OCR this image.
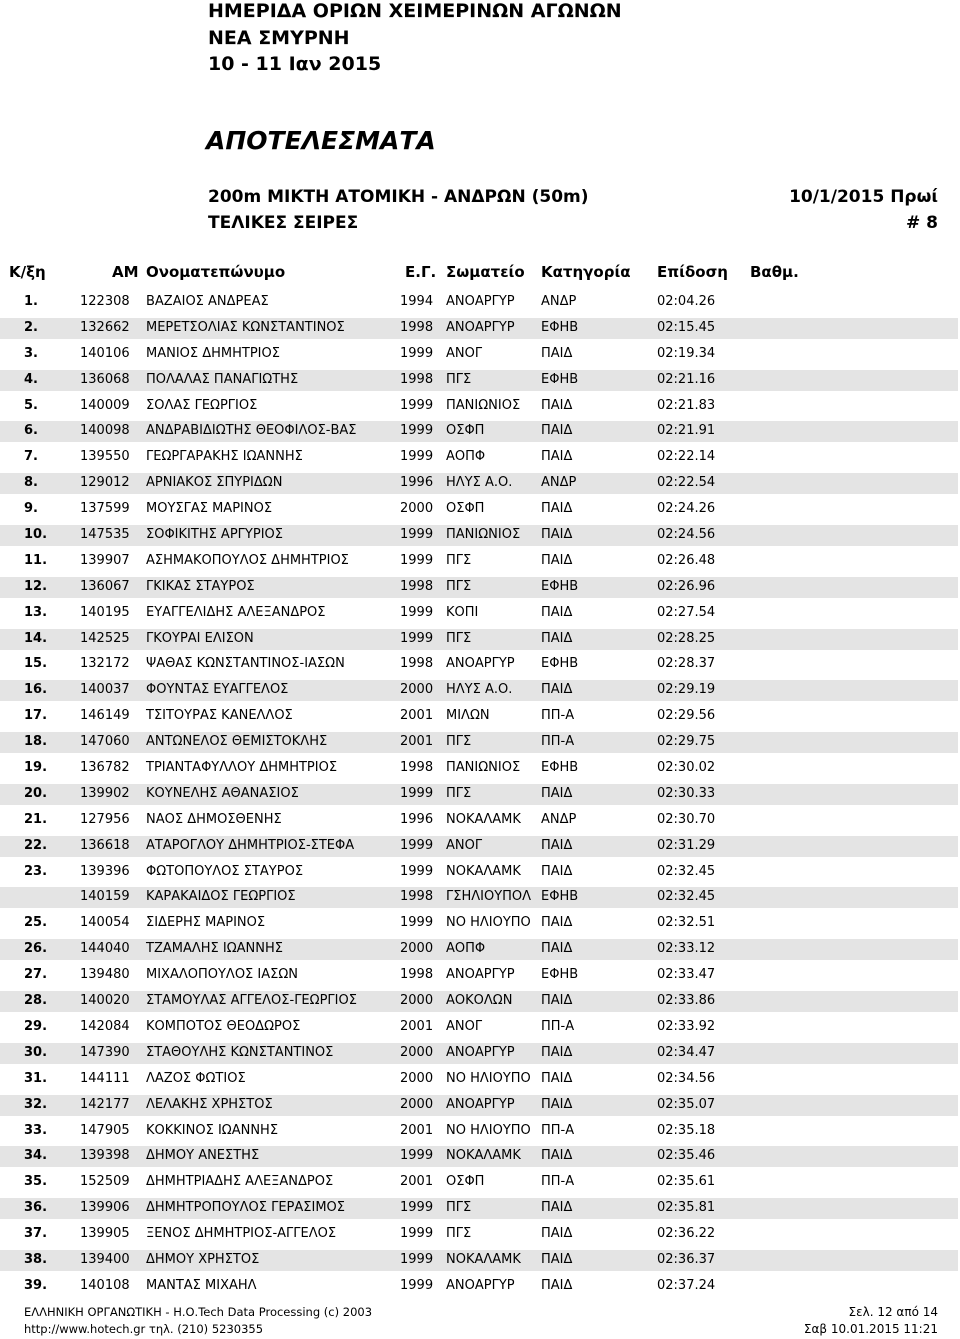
ΗΜΕΡΙΔΑ ΟΡΙΩΝ ΧΕΙΜΕΡΙΝΩΝ ΑΓΩΝΩΝ
ΝΕΑ ΣΜΥΡΝΗ
10 - 11 Ιαν 2015
ΑΠΟΤΕΛΕΣΜΑΤΑ
200m ΜΙΚΤΗ ΑΤΟΜΙΚΗ - ΑΝΔΡΩΝ (50m)	10/1/2015 Πρωί
ΤΕΛΙΚΕΣ ΣΕΙΡΕΣ	# 8
Κ/ξη	ΑΜ Ονοματεπώνυμο	Ε.Γ. Σωματείο Κατηγορία Επίδοση Βαθμ.
1.	122308 ΒΑΖΑΙΟΣ ΑΝΔΡΕΑΣ	1994 ΑΝΟΑΡΓΥΡ ΑΝΔΡ	02:04.26
2.	132662 ΜΕΡΕΤΣΟΛΙΑΣ ΚΩΝΣΤΑΝΤΙΝΟΣ	1998 ΑΝΟΑΡΓΥΡ ΕΦΗΒ	02:15.45
3.	140106 ΜΑΝΙΟΣ ΔΗΜΗΤΡΙΟΣ	1999 ΑΝΟΓ	ΠΑΙΔ	02:19.34
4.	136068 ΠΟΛΑΛΑΣ ΠΑΝΑΓΙΩΤΗΣ	1998 ΠΓΣ	ΕΦΗΒ	02:21.16
5.	140009 ΣΟΛΑΣ ΓΕΩΡΓΙΟΣ	1999 ΠΑΝΙΩΝΙΟΣ ΠΑΙΔ	02:21.83
6.	140098 ΑΝΔΡΑΒΙΔΙΩΤΗΣ ΘΕΟΦΙΛΟΣ-ΒΑΣ	1999 ΟΣΦΠ	ΠΑΙΔ	02:21.91
7.	139550 ΓΕΩΡΓΑΡΑΚΗΣ ΙΩΑΝΝΗΣ	1999 ΑΟΠΦ	ΠΑΙΔ	02:22.14
8.	129012 ΑΡΝΙΑΚΟΣ ΣΠΥΡΙΔΩΝ	1996 ΗΛΥΣ Α.Ο. ΑΝΔΡ	02:22.54
9.	137599 ΜΟΥΣΓΑΣ ΜΑΡΙΝΟΣ	2000 ΟΣΦΠ	ΠΑΙΔ	02:24.26
10.	147535 ΣΟΦΙΚΙΤΗΣ ΑΡΓΥΡΙΟΣ	1999 ΠΑΝΙΩΝΙΟΣ ΠΑΙΔ	02:24.56
11.	139907 ΑΣΗΜΑΚΟΠΟΥΛΟΣ ΔΗΜΗΤΡΙΟΣ	1999 ΠΓΣ	ΠΑΙΔ	02:26.48
12.	136067 ΓΚΙΚΑΣ ΣΤΑΥΡΟΣ	1998 ΠΓΣ	ΕΦΗΒ	02:26.96
13.	140195 ΕΥΑΓΓΕΛΙΔΗΣ ΑΛΕΞΑΝΔΡΟΣ	1999 ΚΟΠΙ	ΠΑΙΔ	02:27.54
14.	142525 ΓΚΟΥΡΑΙ ΕΛΙΣΟΝ	1999 ΠΓΣ	ΠΑΙΔ	02:28.25
15.	132172 ΨΑΘΑΣ ΚΩΝΣΤΑΝΤΙΝΟΣ-ΙΑΣΩΝ	1998 ΑΝΟΑΡΓΥΡ ΕΦΗΒ	02:28.37
16.	140037 ΦΟΥΝΤΑΣ ΕΥΑΓΓΕΛΟΣ	2000 ΗΛΥΣ Α.Ο. ΠΑΙΔ	02:29.19
17.	146149 ΤΣΙΤΟΥΡΑΣ ΚΑΝΕΛΛΟΣ	2001 ΜΙΛΩΝ	ΠΠ-Α	02:29.56
18.	147060 ΑΝΤΩΝΕΛΟΣ ΘΕΜΙΣΤΟΚΛΗΣ	2001 ΠΓΣ	ΠΠ-Α	02:29.75
19.	136782 ΤΡΙΑΝΤΑΦΥΛΛΟΥ ΔΗΜΗΤΡΙΟΣ	1998 ΠΑΝΙΩΝΙΟΣ ΕΦΗΒ	02:30.02
20.	139902 ΚΟΥΝΕΛΗΣ ΑΘΑΝΑΣΙΟΣ	1999 ΠΓΣ	ΠΑΙΔ	02:30.33
21.	127956 ΝΑΟΣ ΔΗΜΟΣΘΕΝΗΣ	1996 ΝΟΚΑΛΑΜΚ ΑΝΔΡ	02:30.70
22.	136618 ΑΤΑΡΟΓΛΟΥ ΔΗΜΗΤΡΙΟΣ-ΣΤΕΦΑ	1999 ΑΝΟΓ	ΠΑΙΔ	02:31.29
23.	139396 ΦΩΤΟΠΟΥΛΟΣ ΣΤΑΥΡΟΣ	1999 ΝΟΚΑΛΑΜΚ ΠΑΙΔ	02:32.45
140159 ΚΑΡΑΚΑΙΔΟΣ ΓΕΩΡΓΙΟΣ	1998 ΓΣΗΛΙΟΥΠΟΛ ΕΦΗΒ	02:32.45
25.	140054 ΣΙΔΕΡΗΣ ΜΑΡΙΝΟΣ	1999 ΝΟ ΗΛΙΟΥΠΟ ΠΑΙΔ	02:32.51
26.	144040 ΤΖΑΜΑΛΗΣ ΙΩΑΝΝΗΣ	2000 ΑΟΠΦ	ΠΑΙΔ	02:33.12
27.	139480 ΜΙΧΑΛΟΠΟΥΛΟΣ ΙΑΣΩΝ	1998 ΑΝΟΑΡΓΥΡ ΕΦΗΒ	02:33.47
28.	140020 ΣΤΑΜΟΥΛΑΣ ΑΓΓΕΛΟΣ-ΓΕΩΡΓΙΟΣ	2000 ΑΟΚΟΛΩΝ ΠΑΙΔ	02:33.86
29.	142084 ΚΟΜΠΟΤΟΣ ΘΕΟΔΩΡΟΣ	2001 ΑΝΟΓ	ΠΠ-Α	02:33.92
30.	147390 ΣΤΑΘΟΥΛΗΣ ΚΩΝΣΤΑΝΤΙΝΟΣ	2000 ΑΝΟΑΡΓΥΡ ΠΑΙΔ	02:34.47
31.	144111 ΛΑΖΟΣ ΦΩΤΙΟΣ	2000 ΝΟ ΗΛΙΟΥΠΟ ΠΑΙΔ	02:34.56
32.	142177 ΛΕΛΑΚΗΣ ΧΡΗΣΤΟΣ	2000 ΑΝΟΑΡΓΥΡ ΠΑΙΔ	02:35.07
33.	147905 ΚΟΚΚΙΝΟΣ ΙΩΑΝΝΗΣ	2001 ΝΟ ΗΛΙΟΥΠΟ ΠΠ-Α	02:35.18
34.	139398 ΔΗΜΟΥ ΑΝΕΣΤΗΣ	1999 ΝΟΚΑΛΑΜΚ ΠΑΙΔ	02:35.46
35.	152509 ΔΗΜΗΤΡΙΑΔΗΣ ΑΛΕΞΑΝΔΡΟΣ	2001 ΟΣΦΠ	ΠΠ-Α	02:35.61
36.	139906 ΔΗΜΗΤΡΟΠΟΥΛΟΣ ΓΕΡΑΣΙΜΟΣ	1999 ΠΓΣ	ΠΑΙΔ	02:35.81
37.	139905 ΞΕΝΟΣ ΔΗΜΗΤΡΙΟΣ-ΑΓΓΕΛΟΣ	1999 ΠΓΣ	ΠΑΙΔ	02:36.22
38.	139400 ΔΗΜΟΥ ΧΡΗΣΤΟΣ	1999 ΝΟΚΑΛΑΜΚ ΠΑΙΔ	02:36.37
39.	140108 ΜΑΝΤΑΣ ΜΙΧΑΗΛ	1999 ΑΝΟΑΡΓΥΡ ΠΑΙΔ	02:37.24
ΕΛΛΗΝΙΚΗ ΟΡΓΑΝΩΤΙΚΗ - Η.Ο.Tech Data Processing (c) 2003
http://www.hotech.gr τηλ. (210) 5230355
Σελ. 12 από 14
Σαβ 10.01.2015 11:21
